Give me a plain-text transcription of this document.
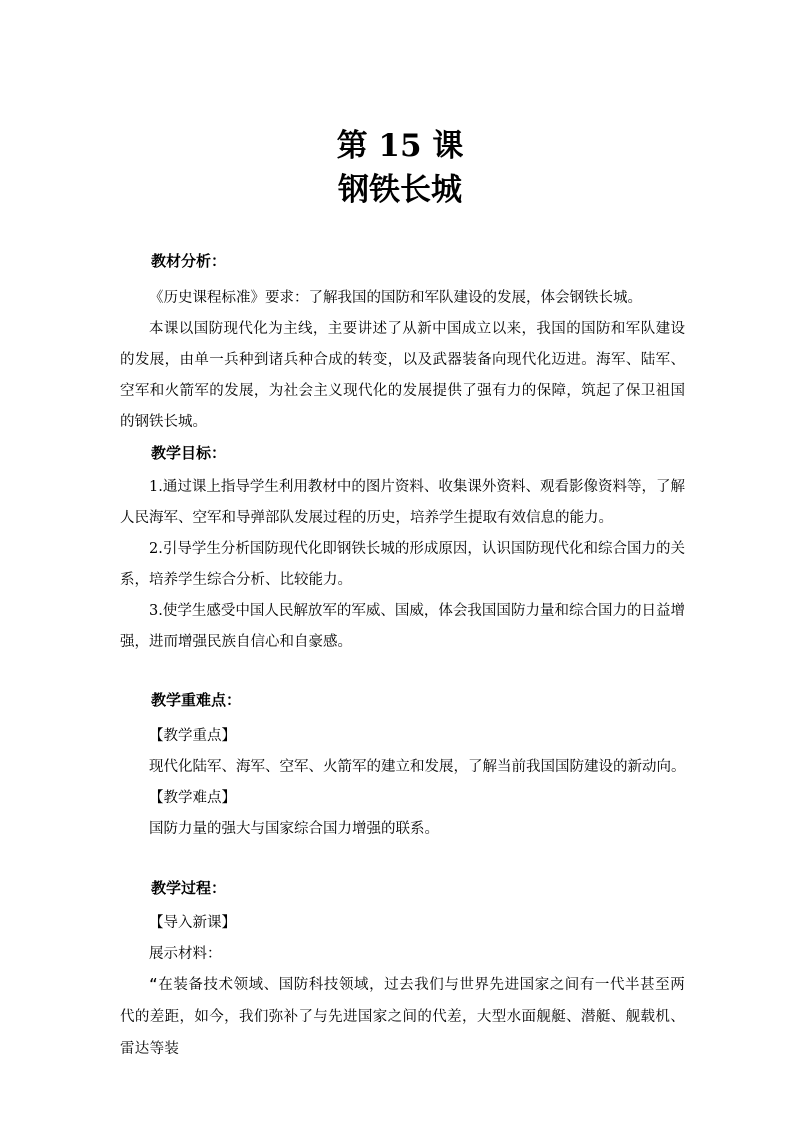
第 15 课
钢铁长城
教材分析：

《历史课程标准》要求：了解我国的国防和军队建设的发展，体会钢铁长城。

本课以国防现代化为主线，主要讲述了从新中国成立以来，我国的国防和军队建设的发展，由单一兵种到诸兵种合成的转变，以及武器装备向现代化迈进。海军、陆军、空军和火箭军的发展，为社会主义现代化的发展提供了强有力的保障，筑起了保卫祖国的钢铁长城。

教学目标：

1.通过课上指导学生利用教材中的图片资料、收集课外资料、观看影像资料等，了解人民海军、空军和导弹部队发展过程的历史，培养学生提取有效信息的能力。

2.引导学生分析国防现代化即钢铁长城的形成原因，认识国防现代化和综合国力的关系，培养学生综合分析、比较能力。

3.使学生感受中国人民解放军的军威、国威，体会我国国防力量和综合国力的日益增强，进而增强民族自信心和自豪感。

教学重难点：

【教学重点】

现代化陆军、海军、空军、火箭军的建立和发展，了解当前我国国防建设的新动向。

【教学难点】

国防力量的强大与国家综合国力增强的联系。

教学过程：

【导入新课】

展示材料：

“在装备技术领域、国防科技领域，过去我们与世界先进国家之间有一代半甚至两代的差距，如今，我们弥补了与先进国家之间的代差，大型水面舰艇、潜艇、舰载机、雷达等装
